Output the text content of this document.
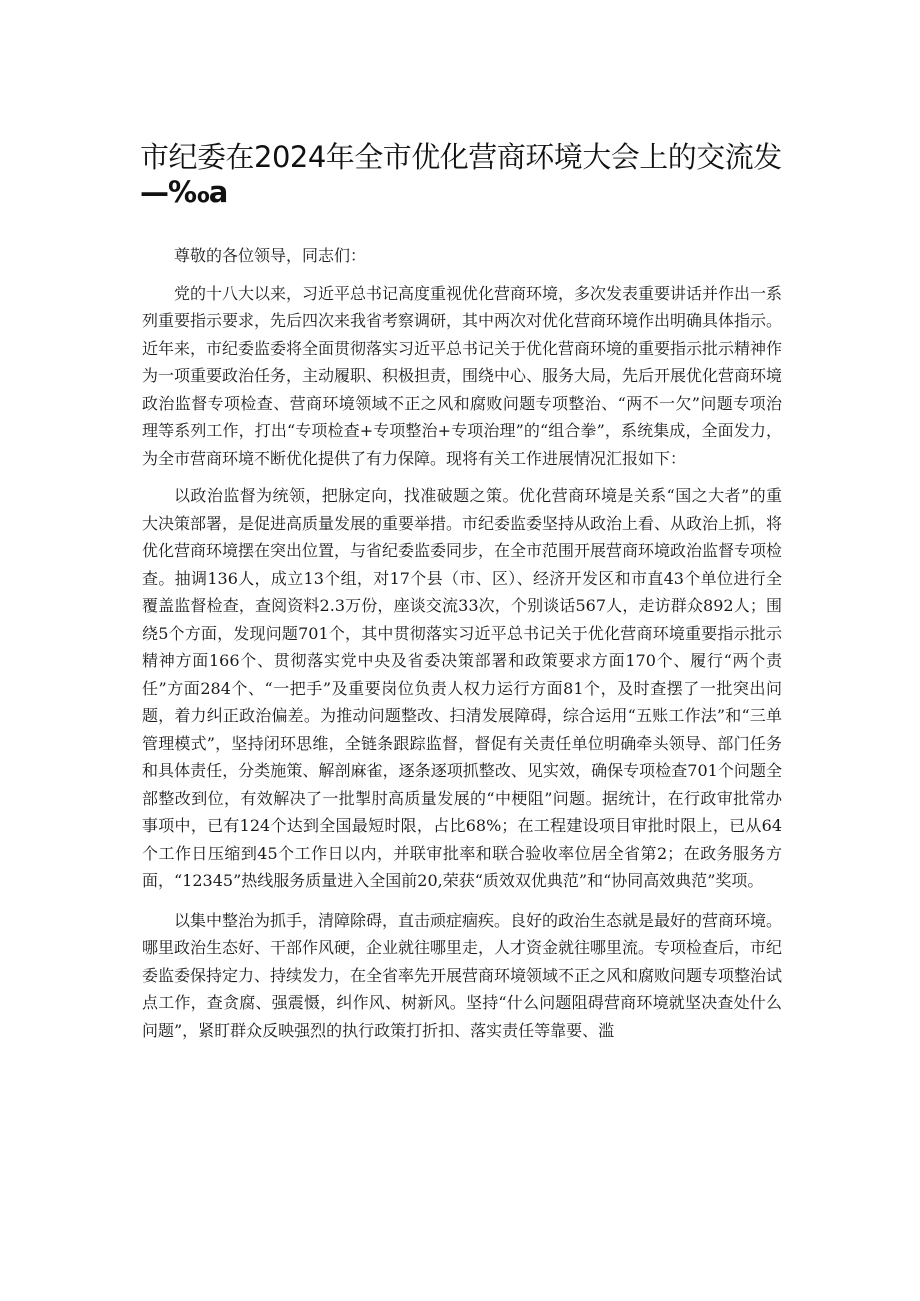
市纪委在2024年全市优化营商环境大会上的交流发
—‰a

尊敬的各位领导，同志们：

党的十八大以来，习近平总书记高度重视优化营商环境，多次发表重要讲话并作出一系列重要指示要求，先后四次来我省考察调研，其中两次对优化营商环境作出明确具体指示。近年来，市纪委监委将全面贯彻落实习近平总书记关于优化营商环境的重要指示批示精神作为一项重要政治任务，主动履职、积极担责，围绕中心、服务大局，先后开展优化营商环境政治监督专项检查、营商环境领域不正之风和腐败问题专项整治、“两不一欠”问题专项治理等系列工作，打出“专项检查+专项整治+专项治理”的“组合拳”，系统集成，全面发力，为全市营商环境不断优化提供了有力保障。现将有关工作进展情况汇报如下：

以政治监督为统领，把脉定向，找准破题之策。优化营商环境是关系“国之大者”的重大决策部署，是促进高质量发展的重要举措。市纪委监委坚持从政治上看、从政治上抓，将优化营商环境摆在突出位置，与省纪委监委同步，在全市范围开展营商环境政治监督专项检查。抽调136人，成立13个组，对17个县（市、区）、经济开发区和市直43个单位进行全覆盖监督检查，查阅资料2.3万份，座谈交流33次，个别谈话567人，走访群众892人；围绕5个方面，发现问题701个，其中贯彻落实习近平总书记关于优化营商环境重要指示批示精神方面166个、贯彻落实党中央及省委决策部署和政策要求方面170个、履行“两个责任”方面284个、“一把手”及重要岗位负责人权力运行方面81个，及时查摆了一批突出问题，着力纠正政治偏差。为推动问题整改、扫清发展障碍，综合运用“五账工作法”和“三单管理模式”，坚持闭环思维，全链条跟踪监督，督促有关责任单位明确牵头领导、部门任务和具体责任，分类施策、解剖麻雀，逐条逐项抓整改、见实效，确保专项检查701个问题全部整改到位，有效解决了一批掣肘高质量发展的“中梗阻”问题。据统计，在行政审批常办事项中，已有124个达到全国最短时限，占比68%；在工程建设项目审批时限上，已从64个工作日压缩到45个工作日以内，并联审批率和联合验收率位居全省第2；在政务服务方面，“12345”热线服务质量进入全国前20,荣获“质效双优典范”和“协同高效典范”奖项。

以集中整治为抓手，清障除碍，直击顽症痼疾。良好的政治生态就是最好的营商环境。哪里政治生态好、干部作风硬，企业就往哪里走，人才资金就往哪里流。专项检查后，市纪委监委保持定力、持续发力，在全省率先开展营商环境领域不正之风和腐败问题专项整治试点工作，查贪腐、强震慑，纠作风、树新风。坚持“什么问题阻碍营商环境就坚决查处什么问题”，紧盯群众反映强烈的执行政策打折扣、落实责任等靠要、滥
